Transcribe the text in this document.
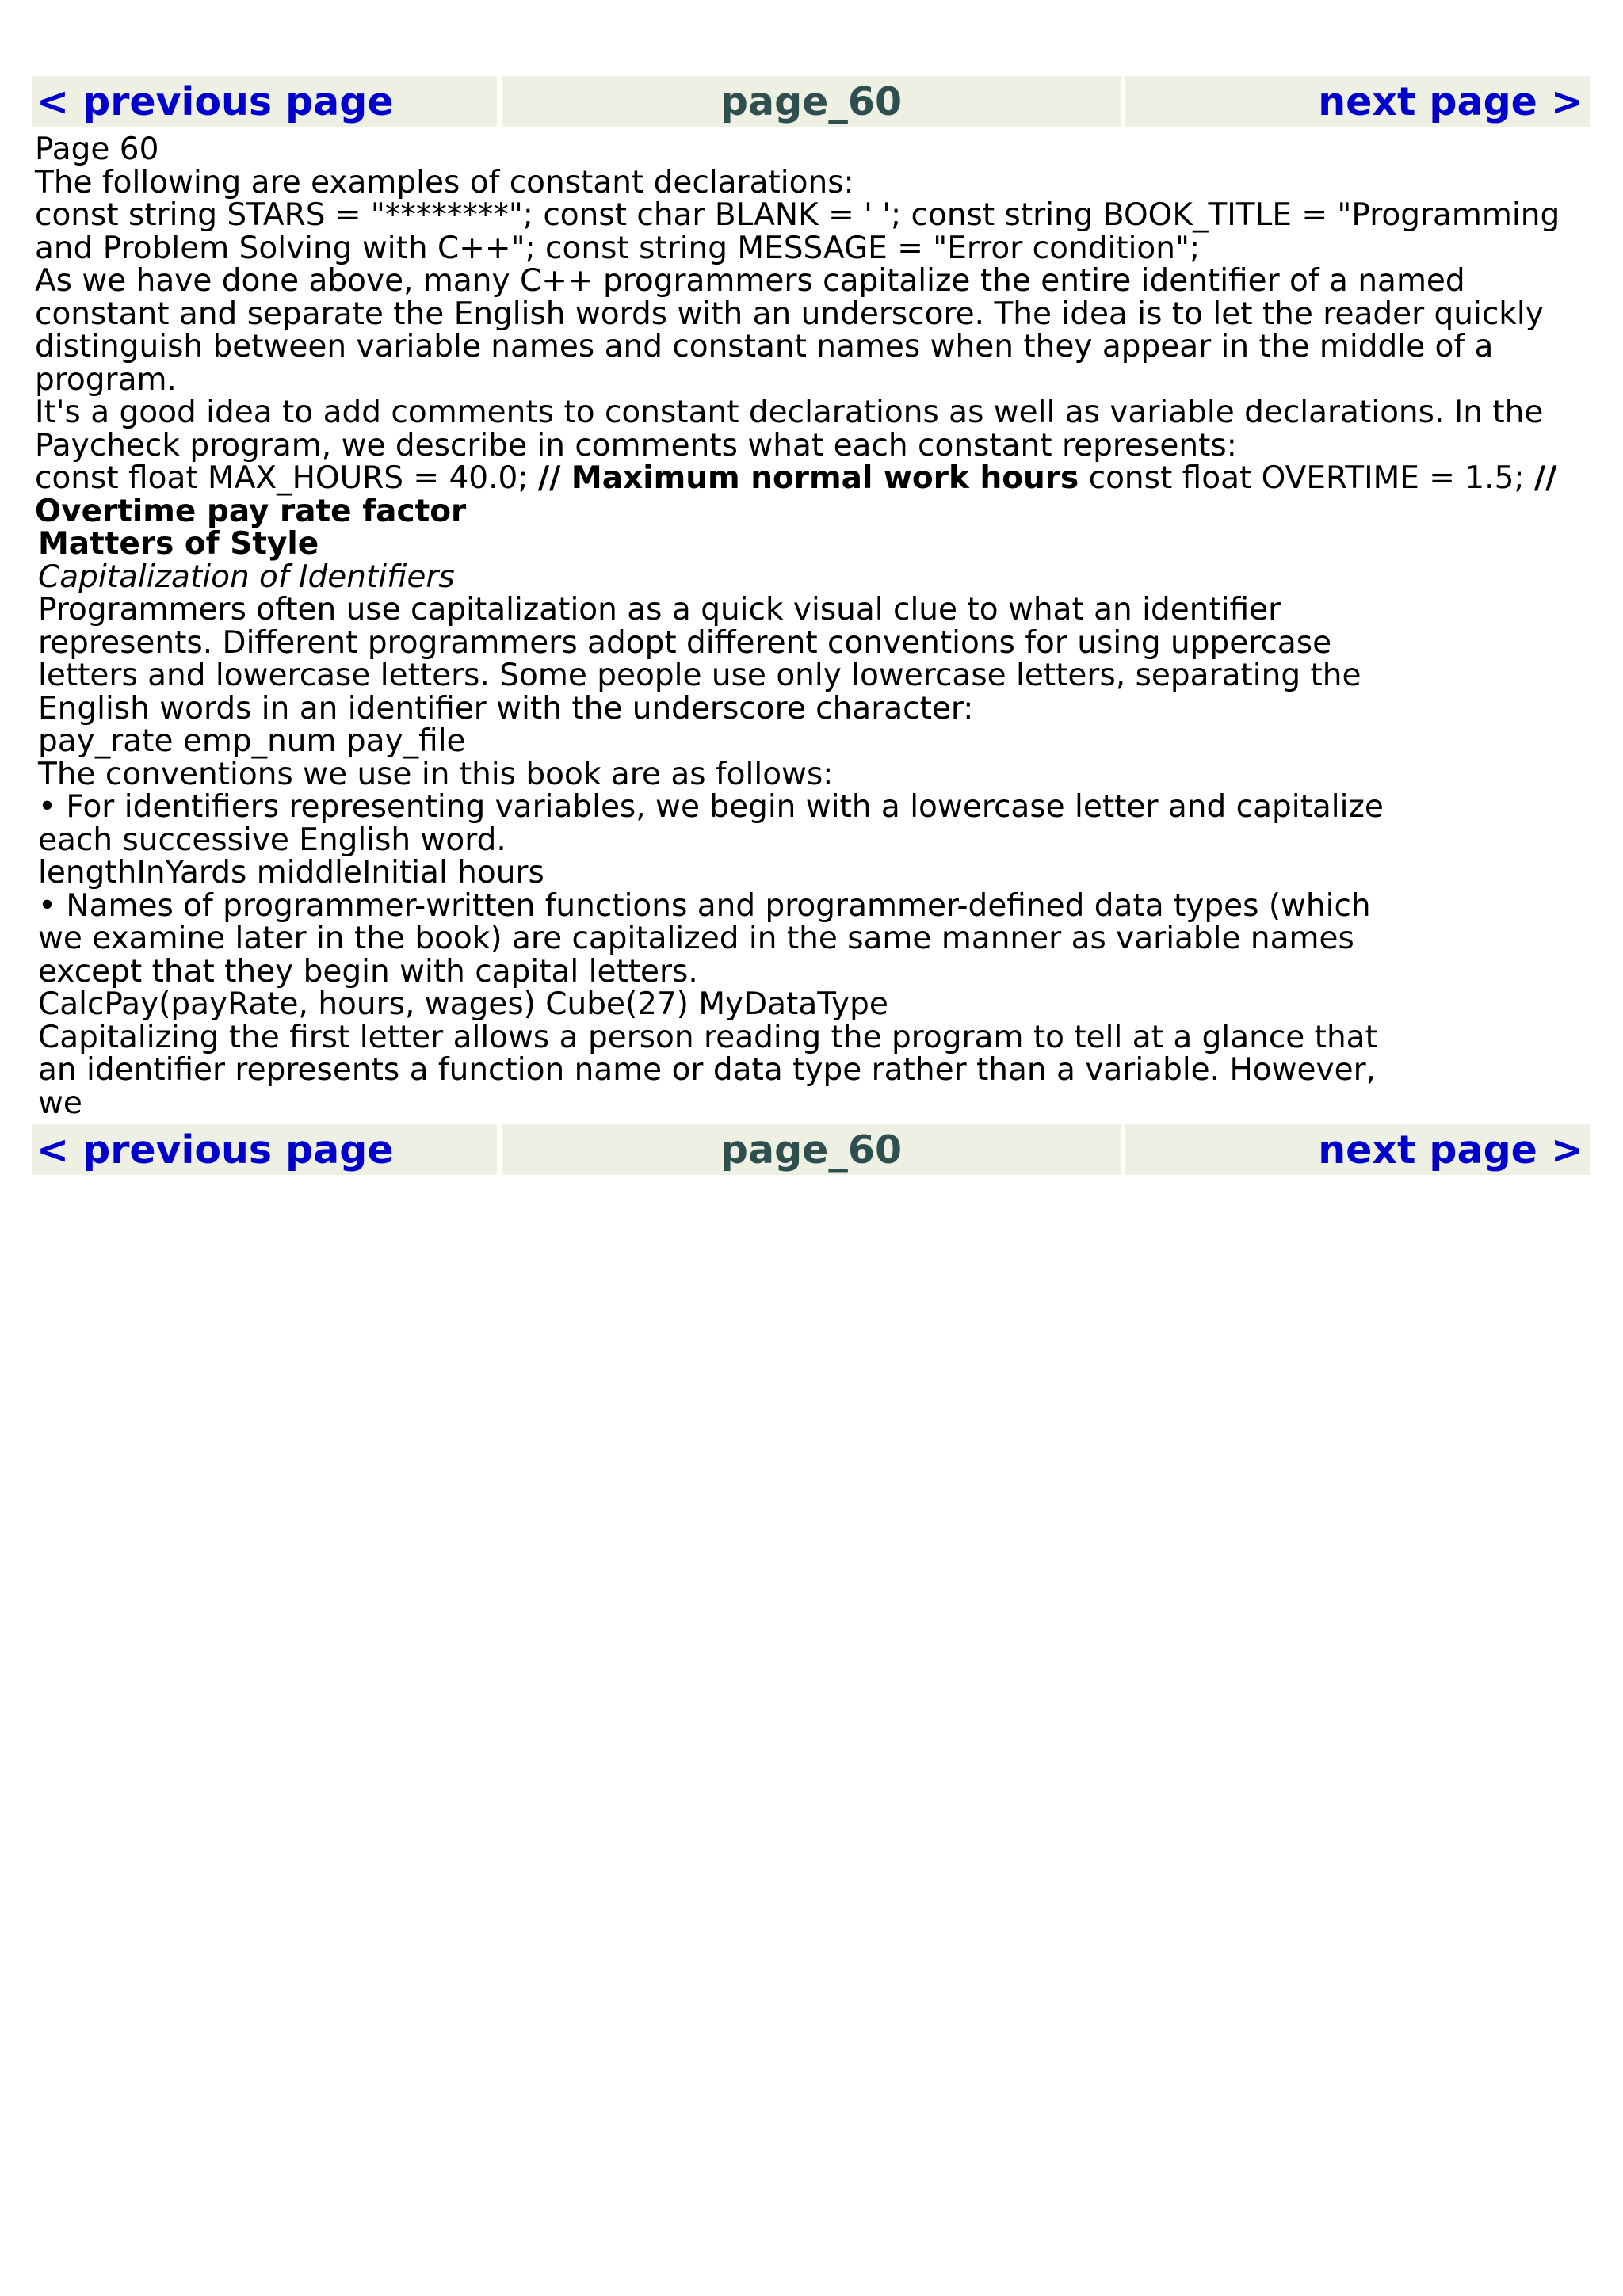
< previous page	page_60	next page >

Page 60

The following are examples of constant declarations:

const string STARS = "********"; const char BLANK = ' '; const string BOOK_TITLE = "Programming and Problem Solving with C++"; const string MESSAGE = "Error condition";

As we have done above, many C++ programmers capitalize the entire identifier of a named constant and separate the English words with an underscore. The idea is to let the reader quickly distinguish between variable names and constant names when they appear in the middle of a program.

It's a good idea to add comments to constant declarations as well as variable declarations. In the Paycheck program, we describe in comments what each constant represents:

const float MAX_HOURS = 40.0; // Maximum normal work hours const float OVERTIME = 1.5; // Overtime pay rate factor

Matters of Style

Capitalization of Identifiers

Programmers often use capitalization as a quick visual clue to what an identifier represents. Different programmers adopt different conventions for using uppercase letters and lowercase letters. Some people use only lowercase letters, separating the English words in an identifier with the underscore character:

pay_rate emp_num pay_file

The conventions we use in this book are as follows:

• For identifiers representing variables, we begin with a lowercase letter and capitalize each successive English word.

lengthInYards middleInitial hours

• Names of programmer-written functions and programmer-defined data types (which we examine later in the book) are capitalized in the same manner as variable names except that they begin with capital letters.

CalcPay(payRate, hours, wages) Cube(27) MyDataType

Capitalizing the first letter allows a person reading the program to tell at a glance that an identifier represents a function name or data type rather than a variable. However, we

< previous page	page_60	next page >
